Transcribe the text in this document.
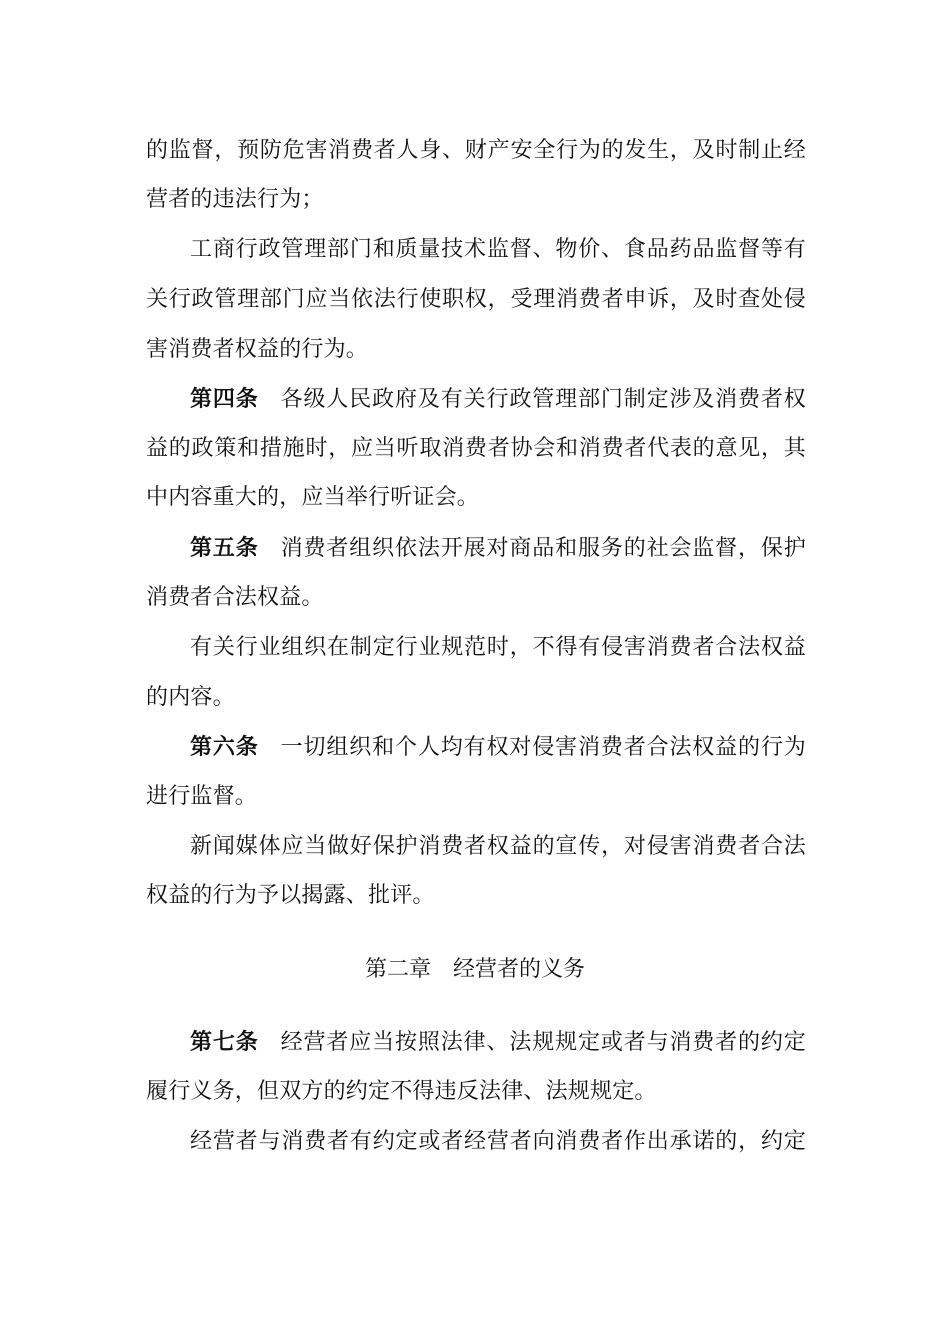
的监督，预防危害消费者人身、财产安全行为的发生，及时制止经
营者的违法行为；
工商行政管理部门和质量技术监督、物价、食品药品监督等有
关行政管理部门应当依法行使职权，受理消费者申诉，及时查处侵
害消费者权益的行为。
第四条 各级人民政府及有关行政管理部门制定涉及消费者权
益的政策和措施时，应当听取消费者协会和消费者代表的意见，其
中内容重大的，应当举行听证会。
第五条 消费者组织依法开展对商品和服务的社会监督，保护
消费者合法权益。
有关行业组织在制定行业规范时，不得有侵害消费者合法权益
的内容。
第六条 一切组织和个人均有权对侵害消费者合法权益的行为
进行监督。
新闻媒体应当做好保护消费者权益的宣传，对侵害消费者合法
权益的行为予以揭露、批评。
第二章　经营者的义务
第七条 经营者应当按照法律、法规规定或者与消费者的约定
履行义务，但双方的约定不得违反法律、法规规定。
经营者与消费者有约定或者经营者向消费者作出承诺的，约定
